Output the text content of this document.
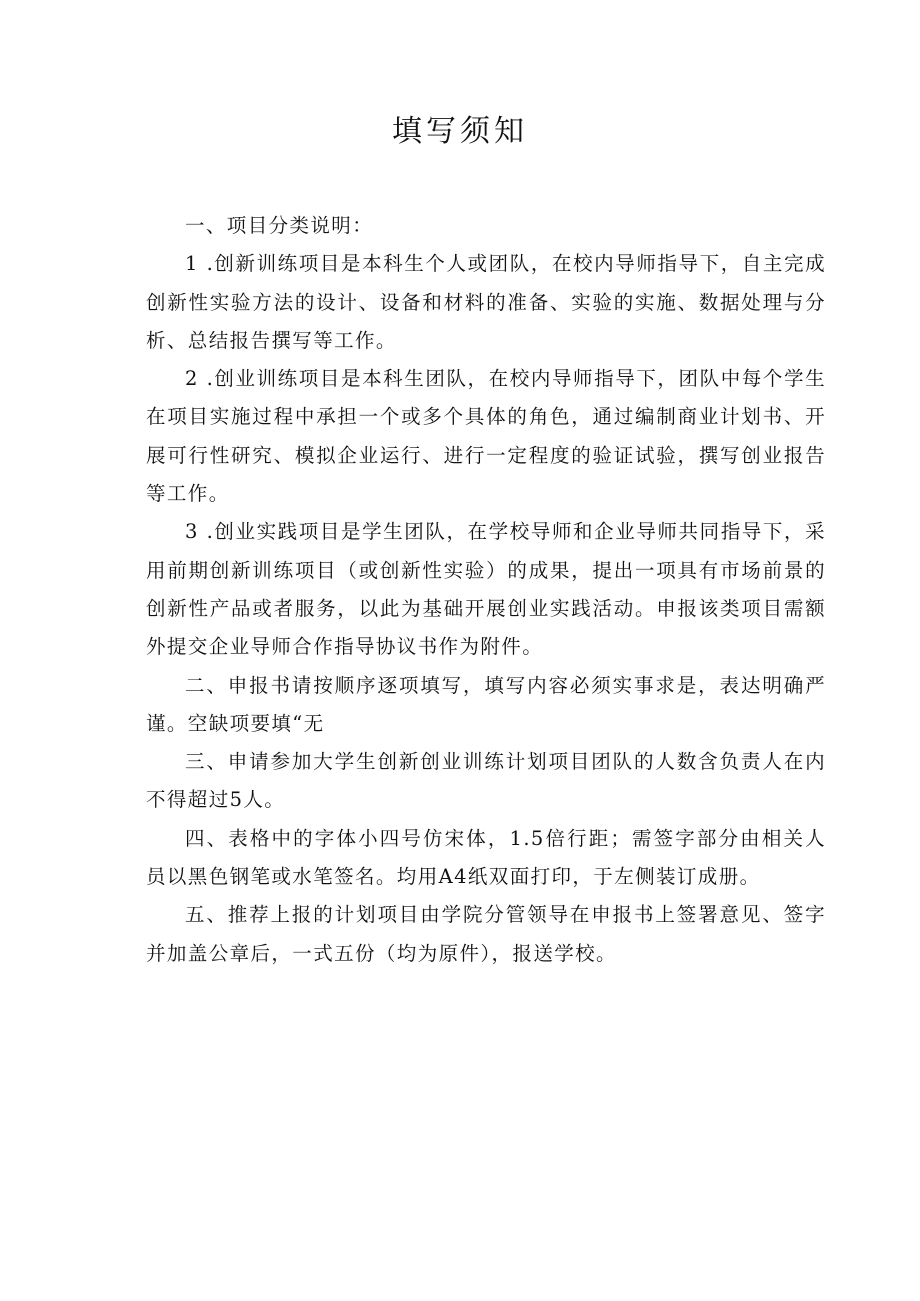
填写须知

一、项目分类说明：

1 .创新训练项目是本科生个人或团队，在校内导师指导下，自主完成创新性实验方法的设计、设备和材料的准备、实验的实施、数据处理与分析、总结报告撰写等工作。

2 .创业训练项目是本科生团队，在校内导师指导下，团队中每个学生在项目实施过程中承担一个或多个具体的角色，通过编制商业计划书、开展可行性研究、模拟企业运行、进行一定程度的验证试验，撰写创业报告等工作。

3 .创业实践项目是学生团队，在学校导师和企业导师共同指导下，采用前期创新训练项目（或创新性实验）的成果，提出一项具有市场前景的创新性产品或者服务，以此为基础开展创业实践活动。申报该类项目需额外提交企业导师合作指导协议书作为附件。

二、申报书请按顺序逐项填写，填写内容必须实事求是，表达明确严谨。空缺项要填“无

三、申请参加大学生创新创业训练计划项目团队的人数含负责人在内不得超过5人。

四、表格中的字体小四号仿宋体，1.5倍行距；需签字部分由相关人员以黑色钢笔或水笔签名。均用A4纸双面打印，于左侧装订成册。

五、推荐上报的计划项目由学院分管领导在申报书上签署意见、签字并加盖公章后，一式五份（均为原件），报送学校。
